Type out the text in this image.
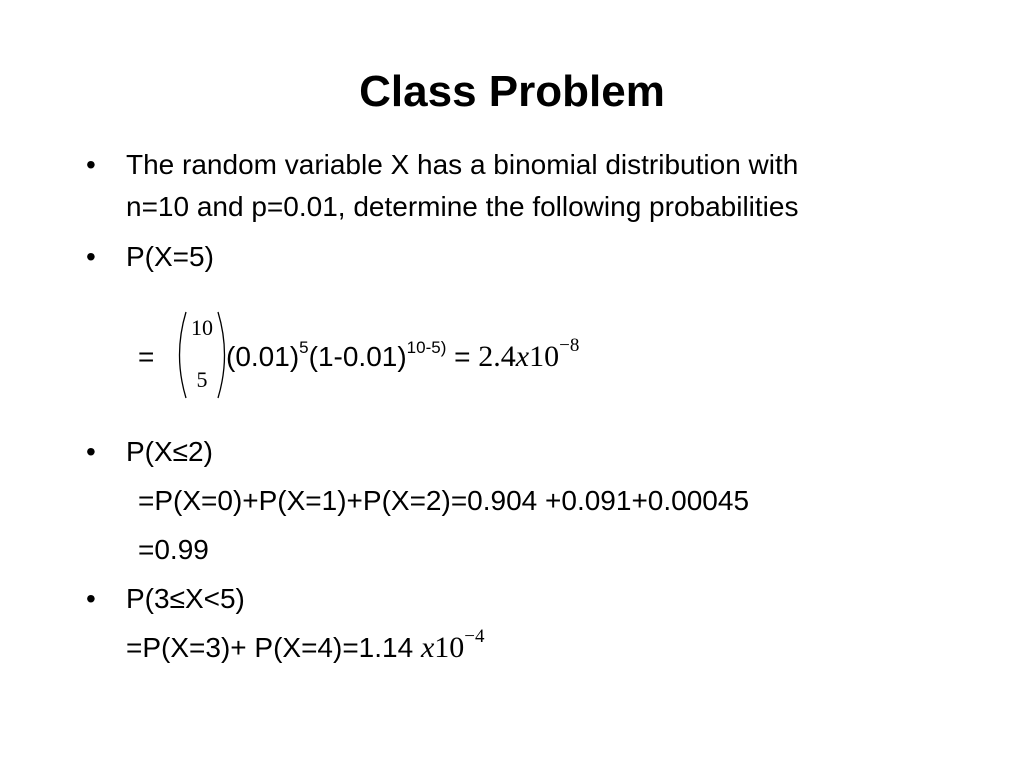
Class Problem
•	The random variable X has a binomial distribution with
n=10 and p=0.01, determine the following probabilities
•	P(X=5)
=
10
5
$(0.01)^5(1-0.01)^{10-5)} = 2.4x10^{-8}$
•	P(X≤2)
=P(X=0)+P(X=1)+P(X=2)=0.904 +0.091+0.00045
=0.99
•	P(3≤X<5)
=P(X=3)+ P(X=4)=1.14 $x10^{-4}$
